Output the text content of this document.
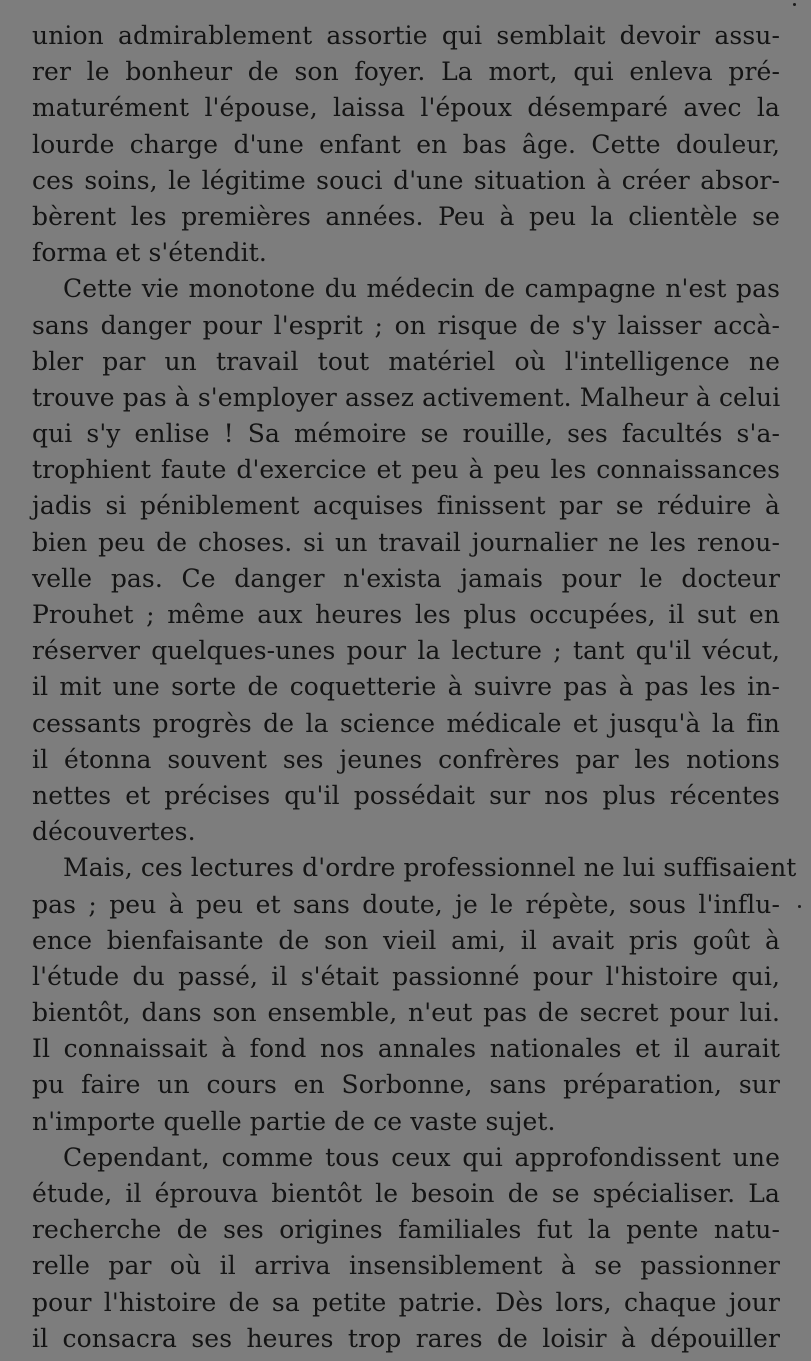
union admirablement assortie qui semblait devoir assu-
rer le bonheur de son foyer. La mort, qui enleva pré-
maturément l'épouse, laissa l'époux désemparé avec la
lourde charge d'une enfant en bas âge. Cette douleur,
ces soins, le légitime souci d'une situation à créer absor-
bèrent les premières années. Peu à peu la clientèle se
forma et s'étendit.
Cette vie monotone du médecin de campagne n'est pas
sans danger pour l'esprit ; on risque de s'y laisser accà-
bler par un travail tout matériel où l'intelligence ne
trouve pas à s'employer assez activement. Malheur à celui
qui s'y enlise ! Sa mémoire se rouille, ses facultés s'a-
trophient faute d'exercice et peu à peu les connaissances
jadis si péniblement acquises finissent par se réduire à
bien peu de choses. si un travail journalier ne les renou-
velle pas. Ce danger n'exista jamais pour le docteur
Prouhet ; même aux heures les plus occupées, il sut en
réserver quelques-unes pour la lecture ; tant qu'il vécut,
il mit une sorte de coquetterie à suivre pas à pas les in-
cessants progrès de la science médicale et jusqu'à la fin
il étonna souvent ses jeunes confrères par les notions
nettes et précises qu'il possédait sur nos plus récentes
découvertes.
Mais, ces lectures d'ordre professionnel ne lui suffisaient
pas ; peu à peu et sans doute, je le répète, sous l'influ-
ence bienfaisante de son vieil ami, il avait pris goût à
l'étude du passé, il s'était passionné pour l'histoire qui,
bientôt, dans son ensemble, n'eut pas de secret pour lui.
Il connaissait à fond nos annales nationales et il aurait
pu faire un cours en Sorbonne, sans préparation, sur
n'importe quelle partie de ce vaste sujet.
Cependant, comme tous ceux qui approfondissent une
étude, il éprouva bientôt le besoin de se spécialiser. La
recherche de ses origines familiales fut la pente natu-
relle par où il arriva insensiblement à se passionner
pour l'histoire de sa petite patrie. Dès lors, chaque jour
il consacra ses heures trop rares de loisir à dépouiller
